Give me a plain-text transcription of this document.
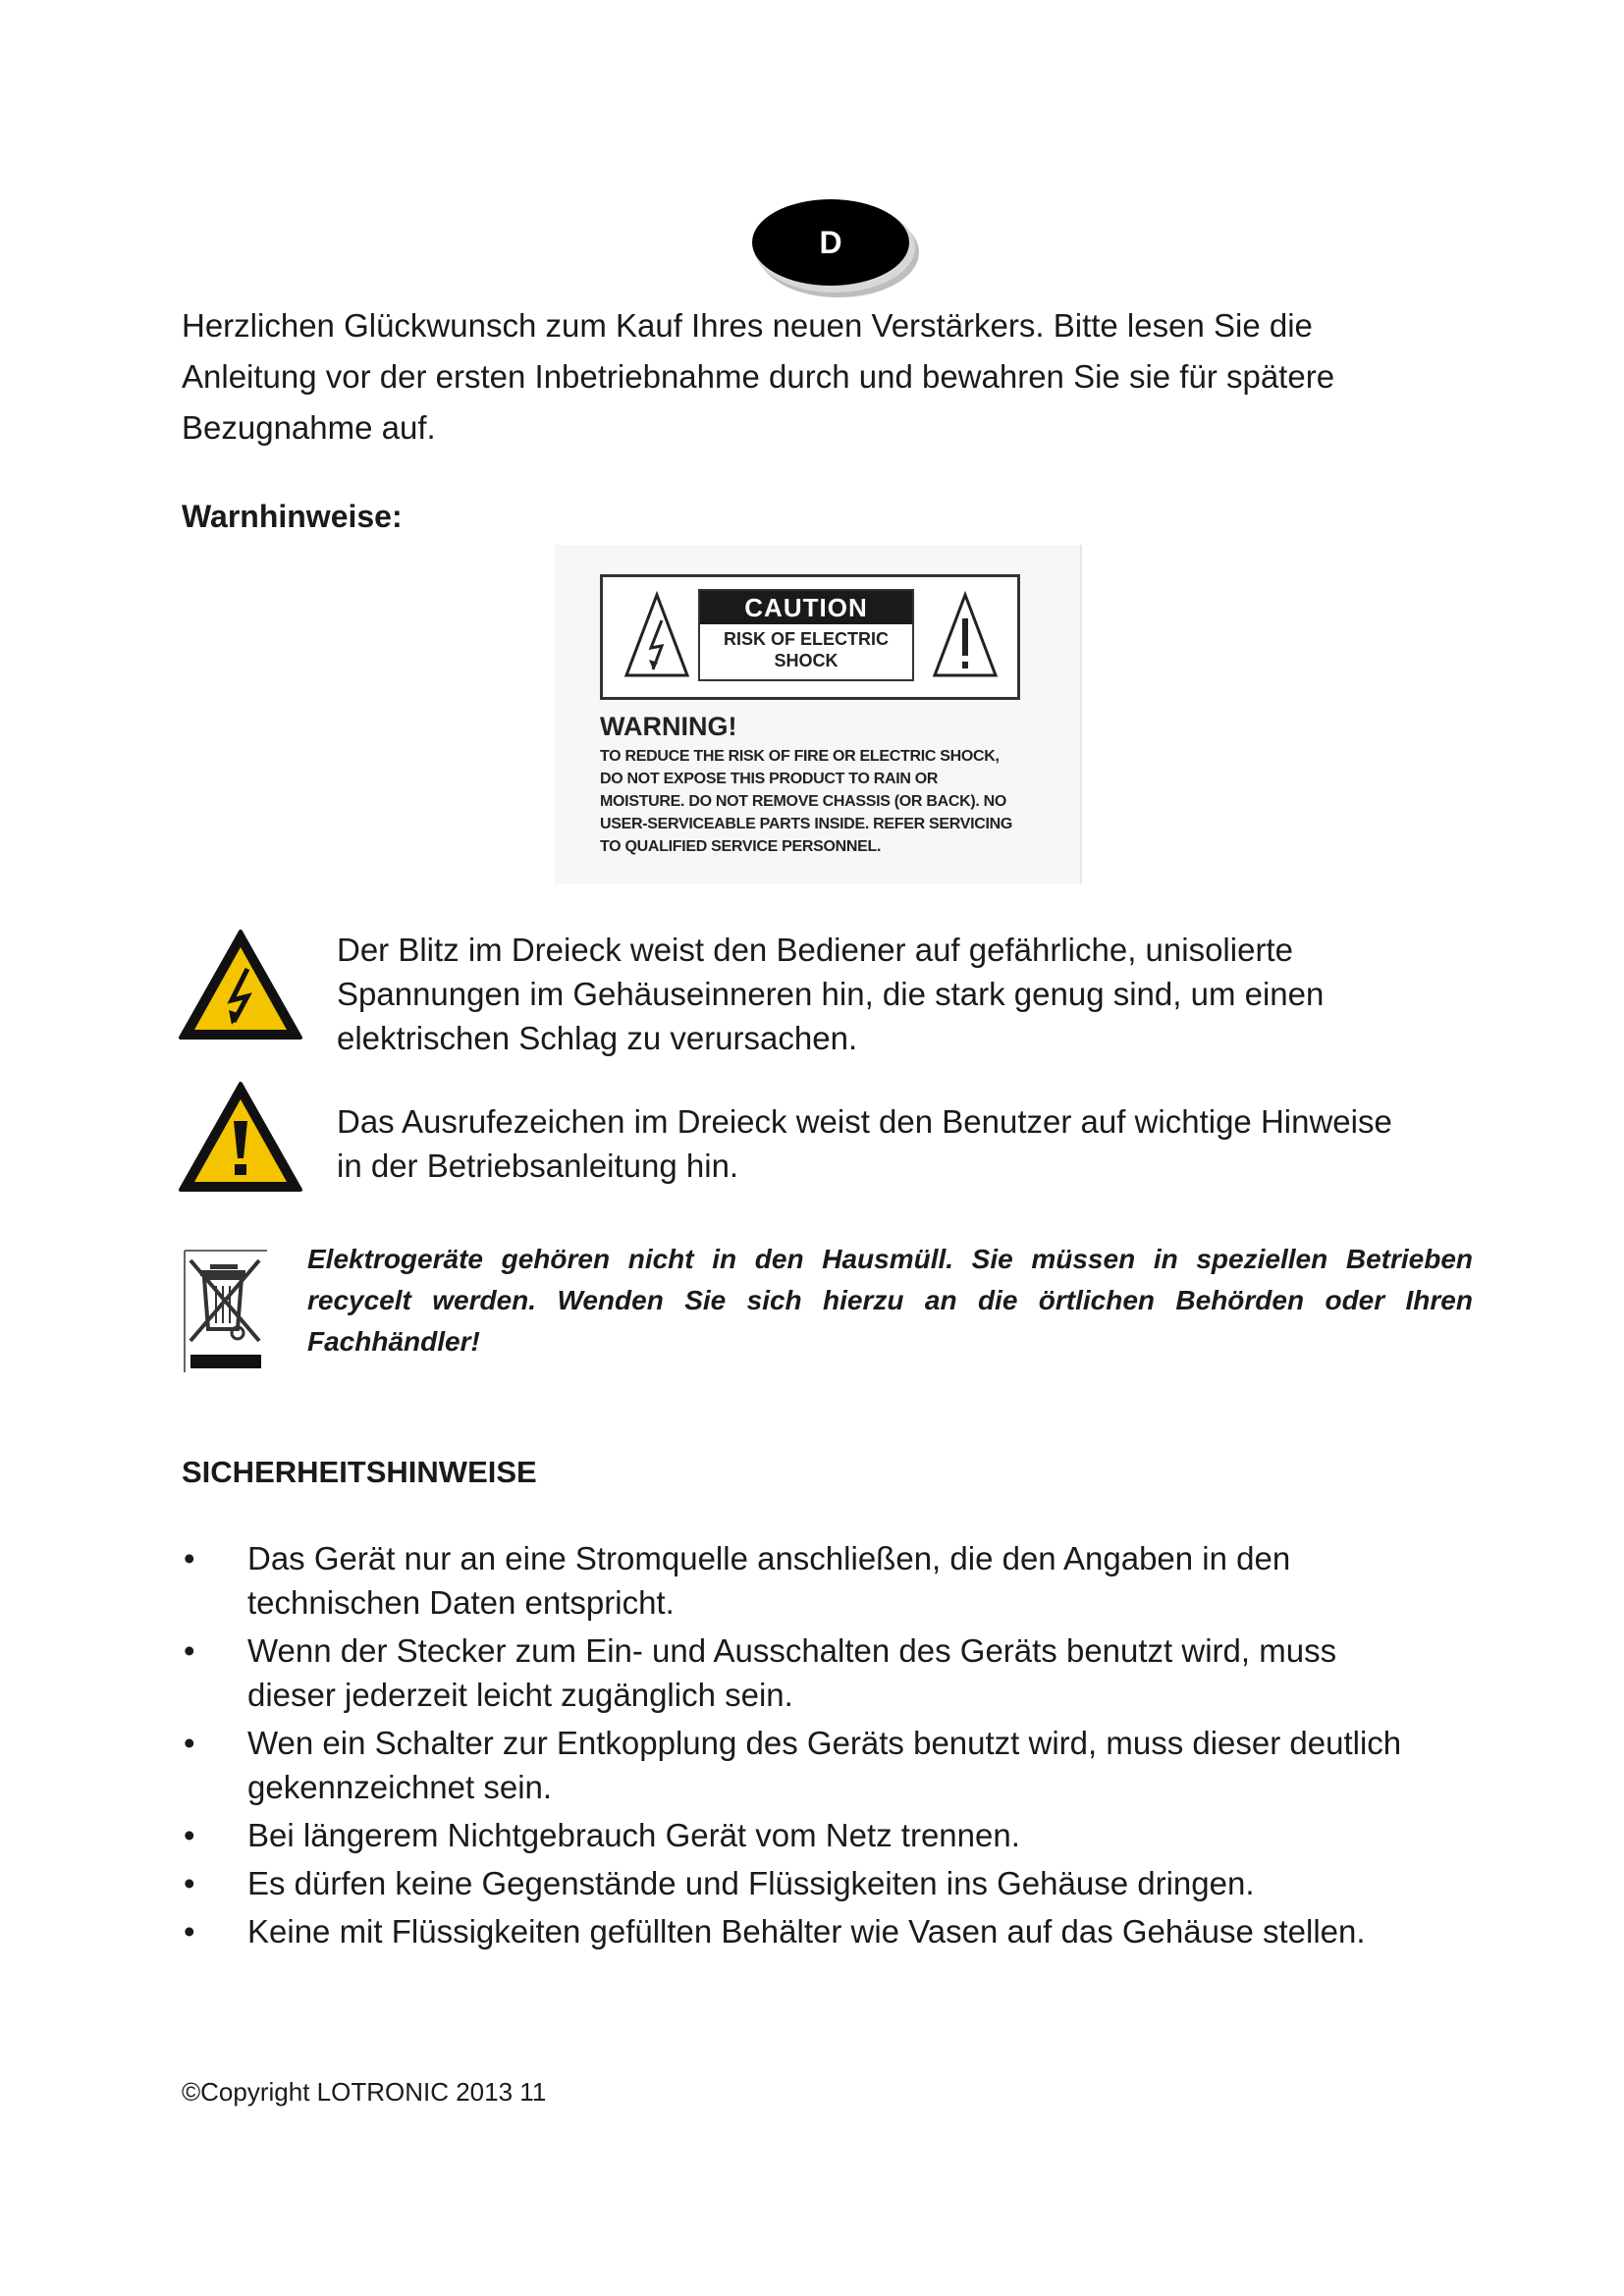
D

Herzlichen Glückwunsch zum Kauf Ihres neuen Verstärkers. Bitte lesen Sie die

Anleitung vor der ersten Inbetriebnahme durch und bewahren Sie sie für spätere

Bezugnahme auf.

Warnhinweise:
CAUTION
RISK OF ELECTRIC
SHOCK
WARNING!
TO REDUCE THE RISK OF FIRE OR ELECTRIC SHOCK,
DO NOT EXPOSE THIS PRODUCT TO RAIN OR
MOISTURE. DO NOT REMOVE CHASSIS (OR BACK). NO
USER-SERVICEABLE PARTS INSIDE. REFER SERVICING
TO QUALIFIED SERVICE PERSONNEL.

Der Blitz im Dreieck weist den Bediener auf gefährliche, unisolierte

Spannungen im Gehäuseinneren hin, die stark genug sind, um einen

elektrischen Schlag zu verursachen.

Das Ausrufezeichen im Dreieck weist den Benutzer auf wichtige Hinweise

in der Betriebsanleitung hin.

Elektrogeräte gehören nicht in den Hausmüll. Sie müssen in speziellen Betrieben recycelt werden. Wenden Sie sich hierzu an die örtlichen Behörden oder Ihren Fachhändler!
SICHERHEITSHINWEISE
• Das Gerät nur an eine Stromquelle anschließen, die den Angaben in den
technischen Daten entspricht.
• Wenn der Stecker zum Ein- und Ausschalten des Geräts benutzt wird, muss
dieser jederzeit leicht zugänglich sein.
• Wen ein Schalter zur Entkopplung des Geräts benutzt wird, muss dieser deutlich
gekennzeichnet sein.
• Bei längerem Nichtgebrauch Gerät vom Netz trennen.
• Es dürfen keine Gegenstände und Flüssigkeiten ins Gehäuse dringen.
• Keine mit Flüssigkeiten gefüllten Behälter wie Vasen auf das Gehäuse stellen.
©Copyright LOTRONIC 2013 11
